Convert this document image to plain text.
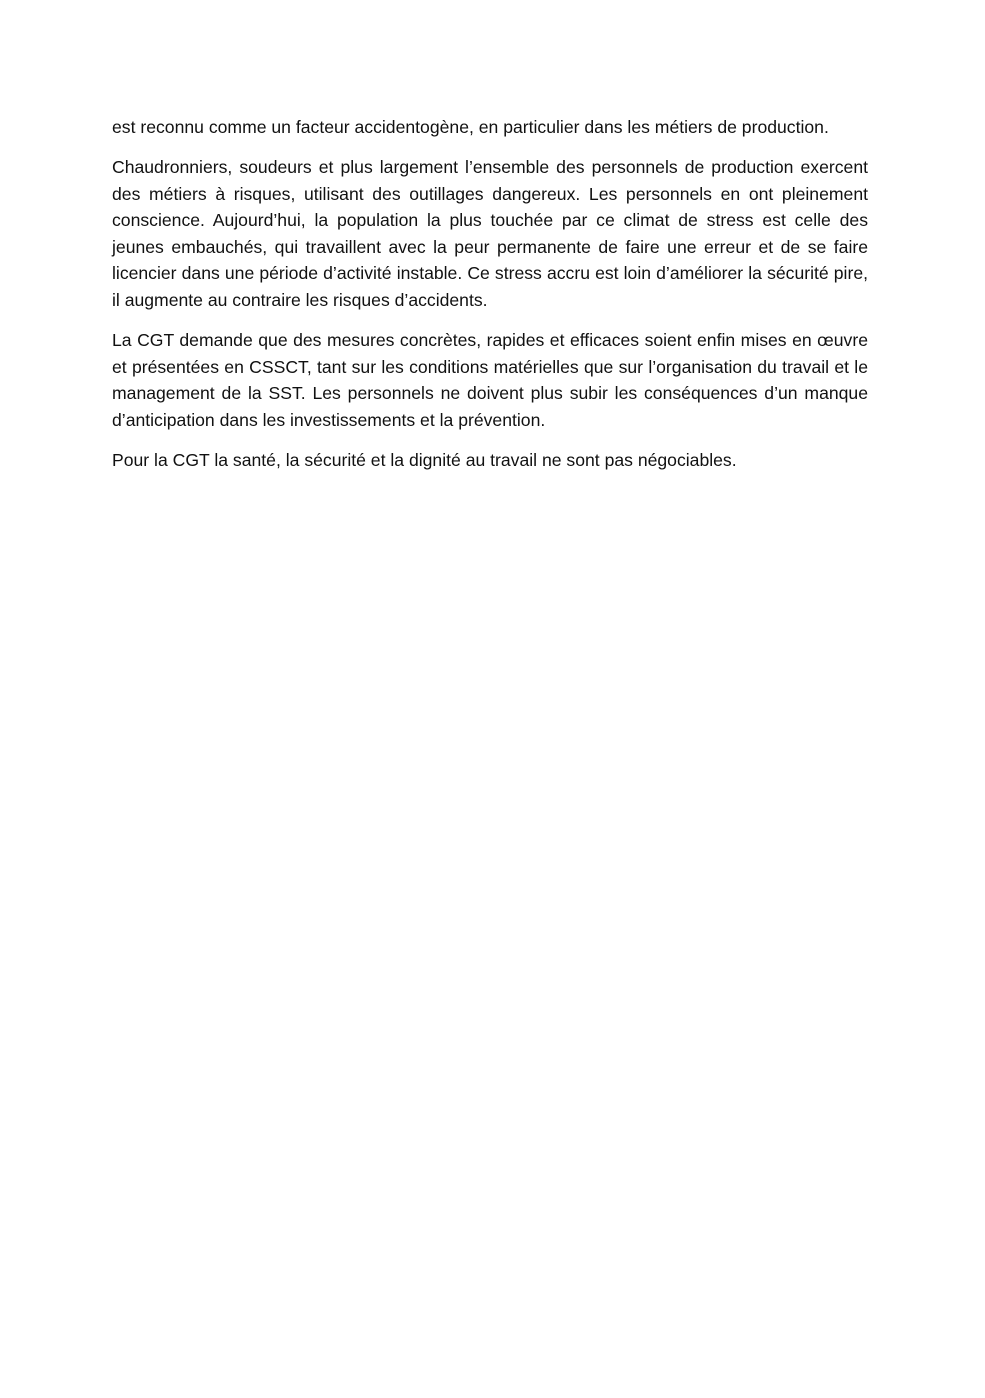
est reconnu comme un facteur accidentogène, en particulier dans les métiers de production.

Chaudronniers, soudeurs et plus largement l’ensemble des personnels de production exercent des métiers à risques, utilisant des outillages dangereux. Les personnels en ont pleinement conscience. Aujourd’hui, la population la plus touchée par ce climat de stress est celle des jeunes embauchés, qui travaillent avec la peur permanente de faire une erreur et de se faire licencier dans une période d’activité instable. Ce stress accru est loin d’améliorer la sécurité pire, il augmente au contraire les risques d’accidents.

La CGT demande que des mesures concrètes, rapides et efficaces soient enfin mises en œuvre et présentées en CSSCT, tant sur les conditions matérielles que sur l’organisation du travail et le management de la SST. Les personnels ne doivent plus subir les conséquences d’un manque d’anticipation dans les investissements et la prévention.

Pour la CGT la santé, la sécurité et la dignité au travail ne sont pas négociables.
